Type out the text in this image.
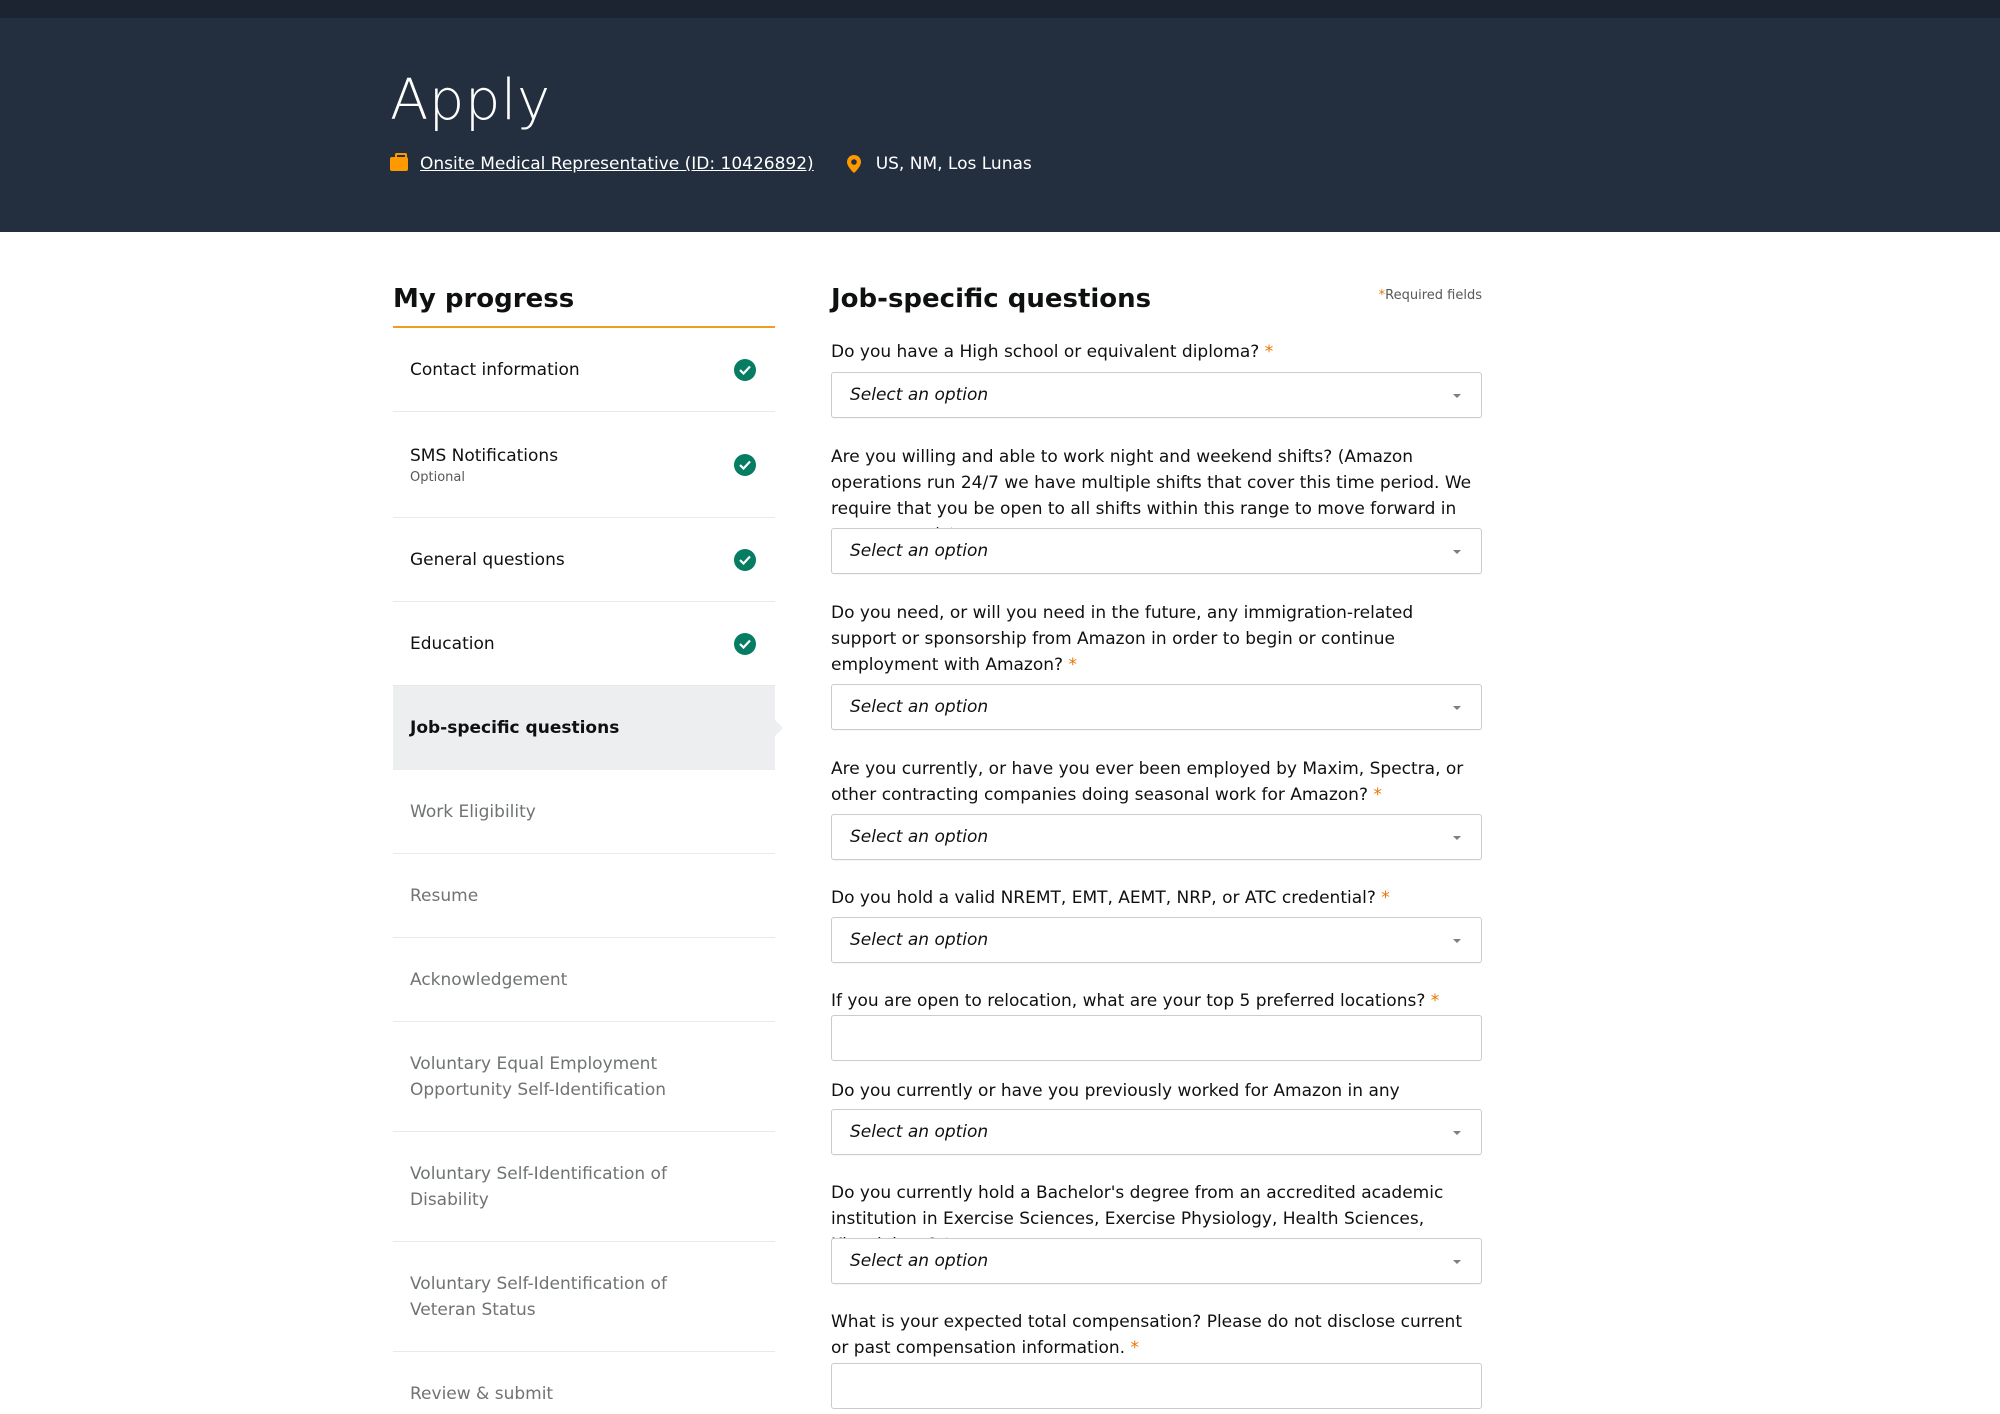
Apply
Onsite Medical Representative (ID: 10426892)	US, NM, Los Lunas
My progress
Contact information
SMS Notifications
Optional
General questions
Education
Job-specific questions
Work Eligibility
Resume
Acknowledgement
Voluntary Equal Employment Opportunity Self-Identification
Voluntary Self-Identification of Disability
Voluntary Self-Identification of Veteran Status
Review & submit
Job-specific questions	*Required fields
Do you have a High school or equivalent diploma? *
Select an option
Are you willing and able to work night and weekend shifts? (Amazon operations run 24/7 we have multiple shifts that cover this time period. We require that you be open to all shifts within this range to move forward in
Select an option
Do you need, or will you need in the future, any immigration-related support or sponsorship from Amazon in order to begin or continue employment with Amazon? *
Select an option
Are you currently, or have you ever been employed by Maxim, Spectra, or other contracting companies doing seasonal work for Amazon? *
Select an option
Do you hold a valid NREMT, EMT, AEMT, NRP, or ATC credential? *
Select an option
If you are open to relocation, what are your top 5 preferred locations? *
Do you currently or have you previously worked for Amazon in any
Select an option
Do you currently hold a Bachelor's degree from an accredited academic institution in Exercise Sciences, Exercise Physiology, Health Sciences,
Select an option
What is your expected total compensation? Please do not disclose current or past compensation information. *
